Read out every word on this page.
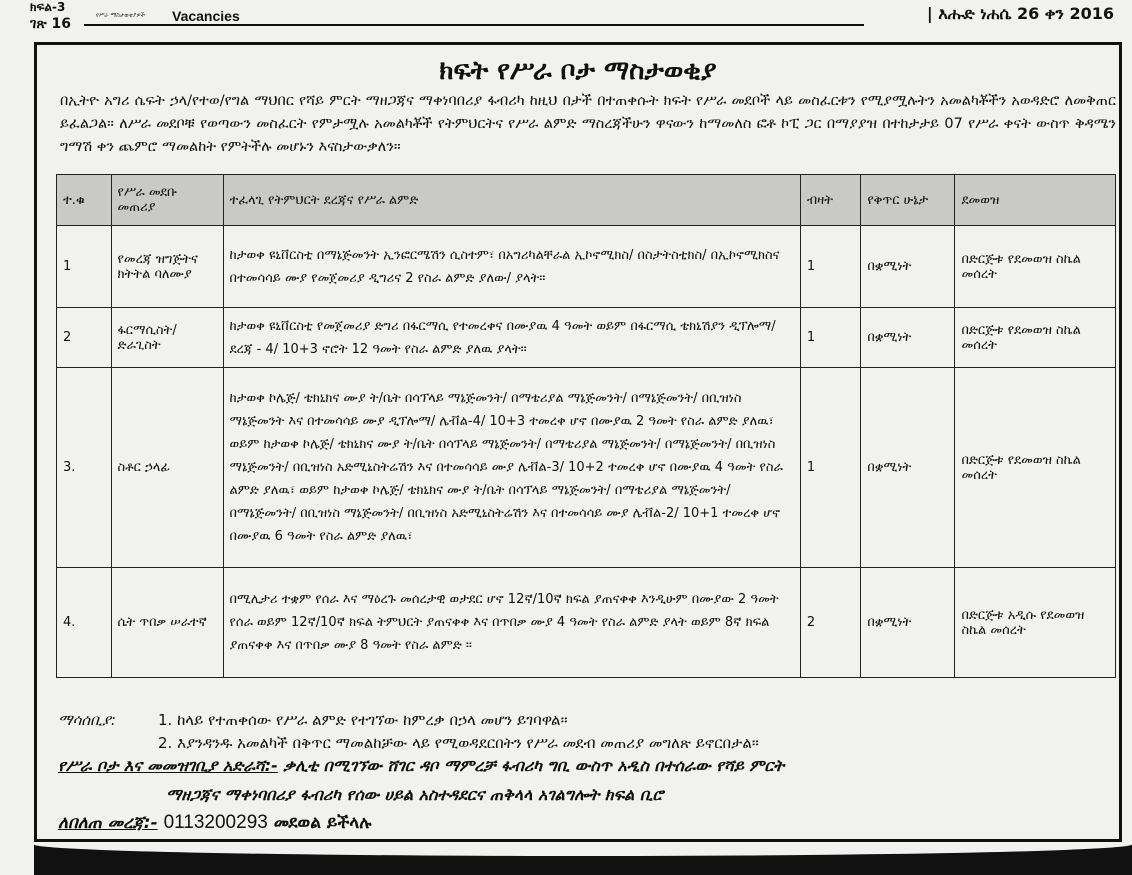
ክፍል-3
ገጽ 16
የሥራ ማስታወቂያዎች Vacancies	| እሑድ ነሐሴ 26 ቀን 2016
ክፍት የሥራ ቦታ ማስታወቂያ
በኢትዮ አግሪ ሴፍት ኃላ/የተወ/የግል ማህበር የሻይ ምርት ማዘጋጃና ማቀነባበሪያ ፋብሪካ ከዚህ በታች በተጠቀሱት ክፍት የሥራ መደቦች ላይ መስፈርቱን የሚያሟሉትን አመልካቾችን አወዳድሮ ለመቅጠር ይፈልጋል። ለሥራ መደቦቹ የወጣውን መስፈርት የምታሟሉ አመልካቾች የትምህርትና የሥራ ልምድ ማስረጃችሁን ዋናውን ከማመለስ ፎቶ ኮፒ ጋር በማያያዝ በተከታታይ 07 የሥራ ቀናት ውስጥ ቅዳሜን ግማሽ ቀን ጨምሮ ማመልከት የምትችሉ መሆኑን እናስታውቃለን።
ተ.ቁ	የሥራ መደቡ መጠሪያ	ተፈላጊ የትምህርት ደረጃና የሥራ ልምድ	ብዛት	የቅጥር ሁኔታ	ደመወዝ
1	የመረጃ ዝግጅትና ክትትል ባለሙያ	ከታወቀ ዩኒቨርስቲ በማኔጅመንት ኢንፎርሜሽን ሲስተም፣ በአግሪካልቸራል ኢኮኖሚክስ/ በስታትስቲክስ/ በኢኮኖሚክስና በተመሳሳይ ሙያ የመጀመሪያ ዲግሪና 2 የስራ ልምድ ያለው/ ያላት።	1	በቋሚነት	በድርጅቱ የደመወዝ ስኬል መሰረት
2	ፋርማሲስት/ ድራጊስት	ከታወቀ ዩኒቨርስቲ የመጀመሪያ ድግሪ በፋርማሲ የተመረቀና በሙያዉ 4 ዓመት ወይም በፋርማሲ ቴክኒሽያን ዲፕሎማ/ ደረጃ - 4/ 10+3 ኖሮት 12 ዓመት የስራ ልምድ ያለዉ ያላት።	1	በቋሚነት	በድርጅቱ የደመወዝ ስኬል መሰረት
3.	ስቶር ኃላፊ	ከታወቀ ኮሌጅ/ ቴክኒክና ሙያ ት/ቤት በሳፕላይ ማኔጅመንት/ በማቴሪያል ማኔጅመንት/ በማኔጅመንት/ በቢዝነስ ማኔጅመንት እና በተመሳሳይ ሙያ ዲፕሎማ/ ሌቭል-4/ 10+3 ተመረቀ ሆኖ በሙያዉ 2 ዓመት የስራ ልምድ ያለዉ፣ ወይም ከታወቀ ኮሌጅ/ ቴክኒክና ሙያ ት/ቤት በሳፕላይ ማኔጅመንት/ በማቴሪያል ማኔጅመንት/ በማኔጅመንት/ በቢዝነስ ማኔጅመንት/ በቢዝነስ አድሚኒስትሬሽን እና በተመሳሳይ ሙያ ሌቭል-3/ 10+2 ተመረቀ ሆኖ በሙያዉ 4 ዓመት የስራ ልምድ ያለዉ፣ ወይም ከታወቀ ኮሌጅ/ ቴክኒክና ሙያ ት/ቤት በሳፕላይ ማኔጅመንት/ በማቴሪያል ማኔጅመንት/ በማኔጅመንት/ በቢዝነስ ማኔጅመንት/ በቢዝነስ አድሚኒስትሬሽን እና በተመሳሳይ ሙያ ሌቭል-2/ 10+1 ተመረቀ ሆኖ በሙያዉ 6 ዓመት የስራ ልምድ ያለዉ፣	1	በቋሚነት	በድርጅቱ የደመወዝ ስኬል መሰረት
4.	ሴት ጥበቃ ሠራተኛ	በሚሊታሪ ተቋም የሰራ እና ማዕረጉ መሰረታዊ ወታደር ሆኖ 12ኛ/10ኛ ክፍል ያጠናቀቀ እንዲሁም በሙያው 2 ዓመት የሰራ ወይም 12ኛ/10ኛ ክፍል ትምህርት ያጠናቀቀ እና በጥበቃ ሙያ 4 ዓመት የስራ ልምድ ያላት ወይም 8ኛ ክፍል ያጠናቀቀ እና በጥበቃ ሙያ 8 ዓመት የስራ ልምድ ።	2	በቋሚነት	በድርጅቱ አዲሱ የደመወዝ ስኬል መሰረት
ማሳሰቢያ:	1. ከላይ የተጠቀሰው የሥራ ልምድ የተገኘው ከምረቃ በኃላ መሆን ይገባዋል።
2. እያንዳንዱ አመልካች በቅጥር ማመልከቻው ላይ የሚወዳደርበትን የሥራ መደብ መጠሪያ መግለጽ ይኖርበታል።
የሥራ ቦታ እና መመዝገቢያ አድራሻ:- ቃሊቲ በሚገኘው ሸገር ዳቦ ማምረቻ ፋብሪካ ግቢ ውስጥ አዲስ በተሰራው የሻይ ምርት
ማዘጋጃና ማቀነባበሪያ ፋብሪካ የሰው ሀይል አስተዳደርና ጠቅላላ አገልግሎት ክፍል ቢሮ
ለበለጠ መረጃ:- 0113200293 መደወል ይችላሉ
